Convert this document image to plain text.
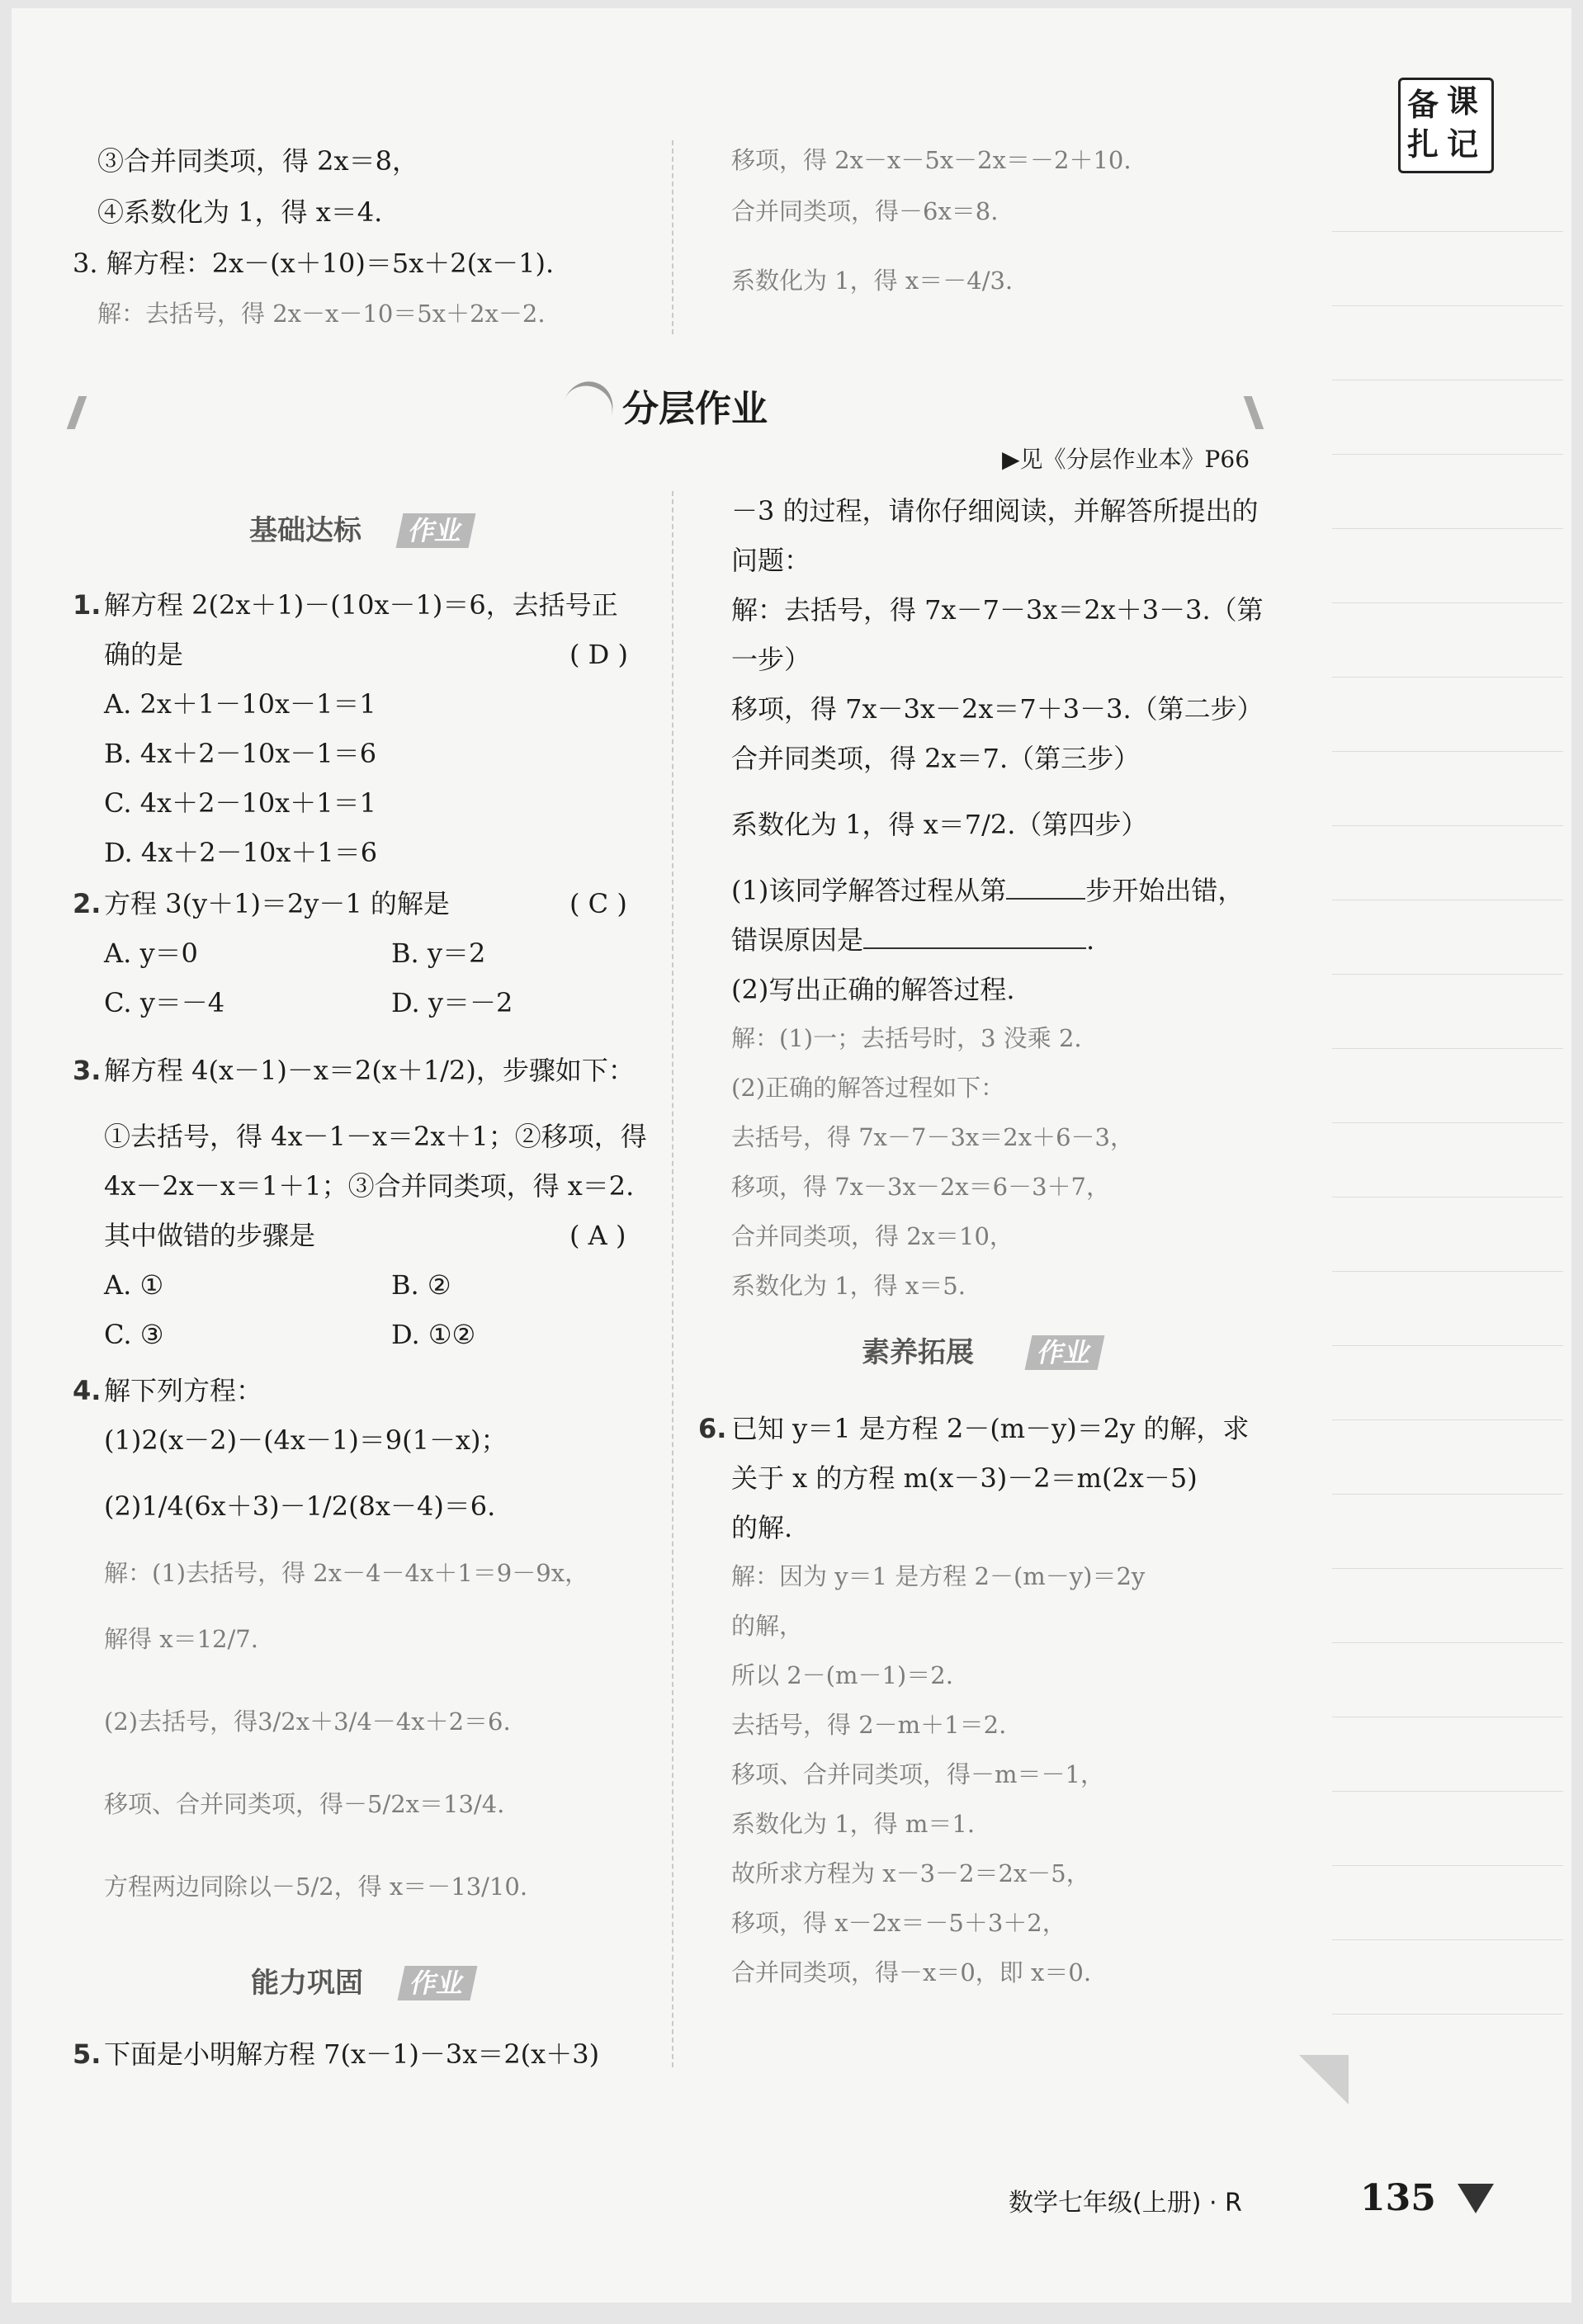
备 课
扎 记
③合并同类项，得 2x＝8，
④系数化为 1，得 x＝4.
3. 解方程：2x－(x＋10)＝5x＋2(x－1).
解：去括号，得 2x－x－10＝5x＋2x－2.
移项，得 2x－x－5x－2x＝－2＋10.
合并同类项，得－6x＝8.
系数化为 1，得 x＝－4/3.
分层作业
▶见《分层作业本》P66
基础达标	作业
1. 解方程 2(2x＋1)－(10x－1)＝6，去括号正
确的是	( D )
A. 2x＋1－10x－1＝1
B. 4x＋2－10x－1＝6
C. 4x＋2－10x＋1＝1
D. 4x＋2－10x＋1＝6
2. 方程 3(y＋1)＝2y－1 的解是	( C )
A. y＝0	B. y＝2
C. y＝－4	D. y＝－2
3. 解方程 4(x－1)－x＝2(x＋1/2)，步骤如下：
①去括号，得 4x－1－x＝2x＋1；②移项，得
4x－2x－x＝1＋1；③合并同类项，得 x＝2.
其中做错的步骤是	( A )
A. ①	B. ②
C. ③	D. ①②
4. 解下列方程：
(1)2(x－2)－(4x－1)＝9(1－x)；
(2)1/4(6x＋3)－1/2(8x－4)＝6.
解：(1)去括号，得 2x－4－4x＋1＝9－9x，
解得 x＝12/7.
(2)去括号，得3/2x＋3/4－4x＋2＝6.
移项、合并同类项，得－5/2x＝13/4.
方程两边同除以－5/2，得 x＝－13/10.
能力巩固	作业
5. 下面是小明解方程 7(x－1)－3x＝2(x＋3)
－3 的过程，请你仔细阅读，并解答所提出的
问题：
解：去括号，得 7x－7－3x＝2x＋3－3.（第
一步）
移项，得 7x－3x－2x＝7＋3－3.（第二步）
合并同类项，得 2x＝7.（第三步）
系数化为 1，得 x＝7/2.（第四步）
(1)该同学解答过程从第	步开始出错，
错误原因是	.
(2)写出正确的解答过程.
解：(1)一；去括号时，3 没乘 2.
(2)正确的解答过程如下：
去括号，得 7x－7－3x＝2x＋6－3，
移项，得 7x－3x－2x＝6－3＋7，
合并同类项，得 2x＝10，
系数化为 1，得 x＝5.
素养拓展	作业
6. 已知 y＝1 是方程 2－(m－y)＝2y 的解，求
关于 x 的方程 m(x－3)－2＝m(2x－5)
的解.
解：因为 y＝1 是方程 2－(m－y)＝2y
的解，
所以 2－(m－1)＝2.
去括号，得 2－m＋1＝2.
移项、合并同类项，得－m＝－1，
系数化为 1，得 m＝1.
故所求方程为 x－3－2＝2x－5，
移项，得 x－2x＝－5＋3＋2，
合并同类项，得－x＝0，即 x＝0.
数学七年级(上册) · R	135
